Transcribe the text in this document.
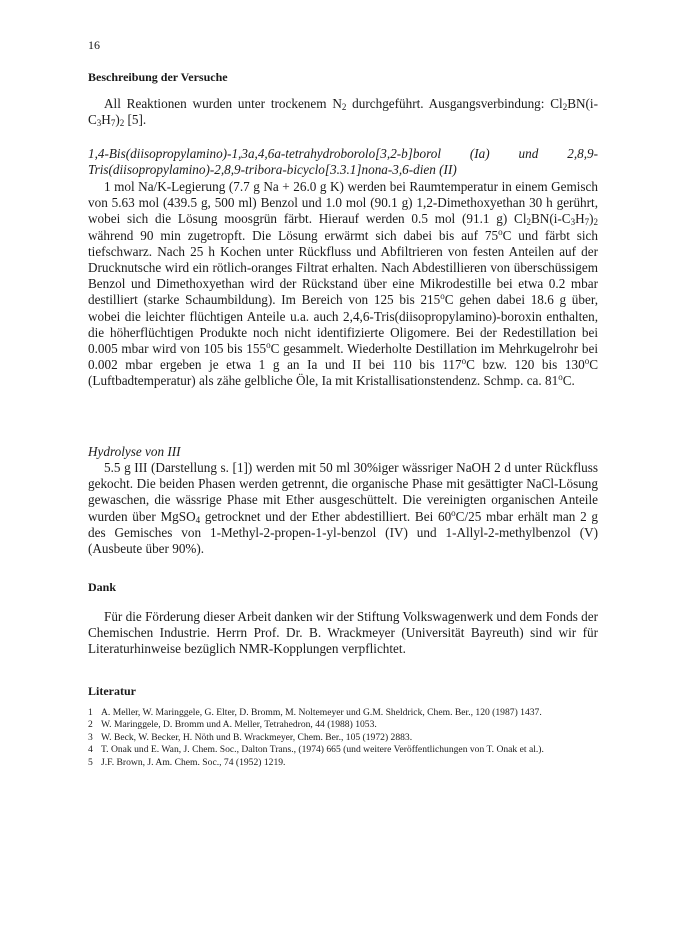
16
Beschreibung der Versuche

All Reaktionen wurden unter trockenem $N_2$ durchgeführt. Ausgangsverbindung: $Cl_2BN(i-C_3H_7)_2$ [5].

1,4-Bis(diisopropylamino)-1,3a,4,6a-tetrahydroborolo[3,2-b]borol (Ia) und 2,8,9-Tris(diisopropylamino)-2,8,9-tribora-bicyclo[3.3.1]nona-3,6-dien (II)

1 mol Na/K-Legierung (7.7 g Na + 26.0 g K) werden bei Raumtemperatur in einem Gemisch von 5.63 mol (439.5 g, 500 ml) Benzol und 1.0 mol (90.1 g) 1,2-Dimethoxyethan 30 h gerührt, wobei sich die Lösung moosgrün färbt. Hierauf werden 0.5 mol (91.1 g) $Cl_2BN(i-C_3H_7)_2$ während 90 min zugetropft. Die Lösung erwärmt sich dabei bis auf 75$^o$C und färbt sich tiefschwarz. Nach 25 h Kochen unter Rückfluss und Abfiltrieren von festen Anteilen auf der Drucknutsche wird ein rötlich-oranges Filtrat erhalten. Nach Abdestillieren von überschüssigem Benzol und Dimethoxyethan wird der Rückstand über eine Mikrodestille bei etwa 0.2 mbar destilliert (starke Schaumbildung). Im Bereich von 125 bis 215$^o$C gehen dabei 18.6 g über, wobei die leichter flüchtigen Anteile u.a. auch 2,4,6-Tris(diisopropylamino)-boroxin enthalten, die höherflüchtigen Produkte noch nicht identifizierte Oligomere. Bei der Redestillation bei 0.005 mbar wird von 105 bis 155$^o$C gesammelt. Wiederholte Destillation im Mehrkugelrohr bei 0.002 mbar ergeben je etwa 1 g an Ia und II bei 110 bis 117$^o$C bzw. 120 bis 130$^o$C (Luftbadtemperatur) als zähe gelbliche Öle, Ia mit Kristallisationstendenz. Schmp. ca. 81$^o$C.

Hydrolyse von III

5.5 g III (Darstellung s. [1]) werden mit 50 ml 30%iger wässriger NaOH 2 d unter Rückfluss gekocht. Die beiden Phasen werden getrennt, die organische Phase mit gesättigter NaCl-Lösung gewaschen, die wässrige Phase mit Ether ausgeschüttelt. Die vereinigten organischen Anteile wurden über MgSO$_4$ getrocknet und der Ether abdestilliert. Bei 60$^o$C/25 mbar erhält man 2 g des Gemisches von 1-Methyl-2-propen-1-yl-benzol (IV) und 1-Allyl-2-methylbenzol (V) (Ausbeute über 90%).

Dank

Für die Förderung dieser Arbeit danken wir der Stiftung Volkswagenwerk und dem Fonds der Chemischen Industrie. Herrn Prof. Dr. B. Wrackmeyer (Universität Bayreuth) sind wir für Literaturhinweise bezüglich NMR-Kopplungen verpflichtet.

Literatur
1 A. Meller, W. Maringgele, G. Elter, D. Bromm, M. Noltemeyer und G.M. Sheldrick, Chem. Ber., 120 (1987) 1437.
2 W. Maringgele, D. Bromm und A. Meller, Tetrahedron, 44 (1988) 1053.
3 W. Beck, W. Becker, H. Nöth und B. Wrackmeyer, Chem. Ber., 105 (1972) 2883.
4 T. Onak und E. Wan, J. Chem. Soc., Dalton Trans., (1974) 665 (und weitere Veröffentlichungen von T. Onak et al.).
5 J.F. Brown, J. Am. Chem. Soc., 74 (1952) 1219.
